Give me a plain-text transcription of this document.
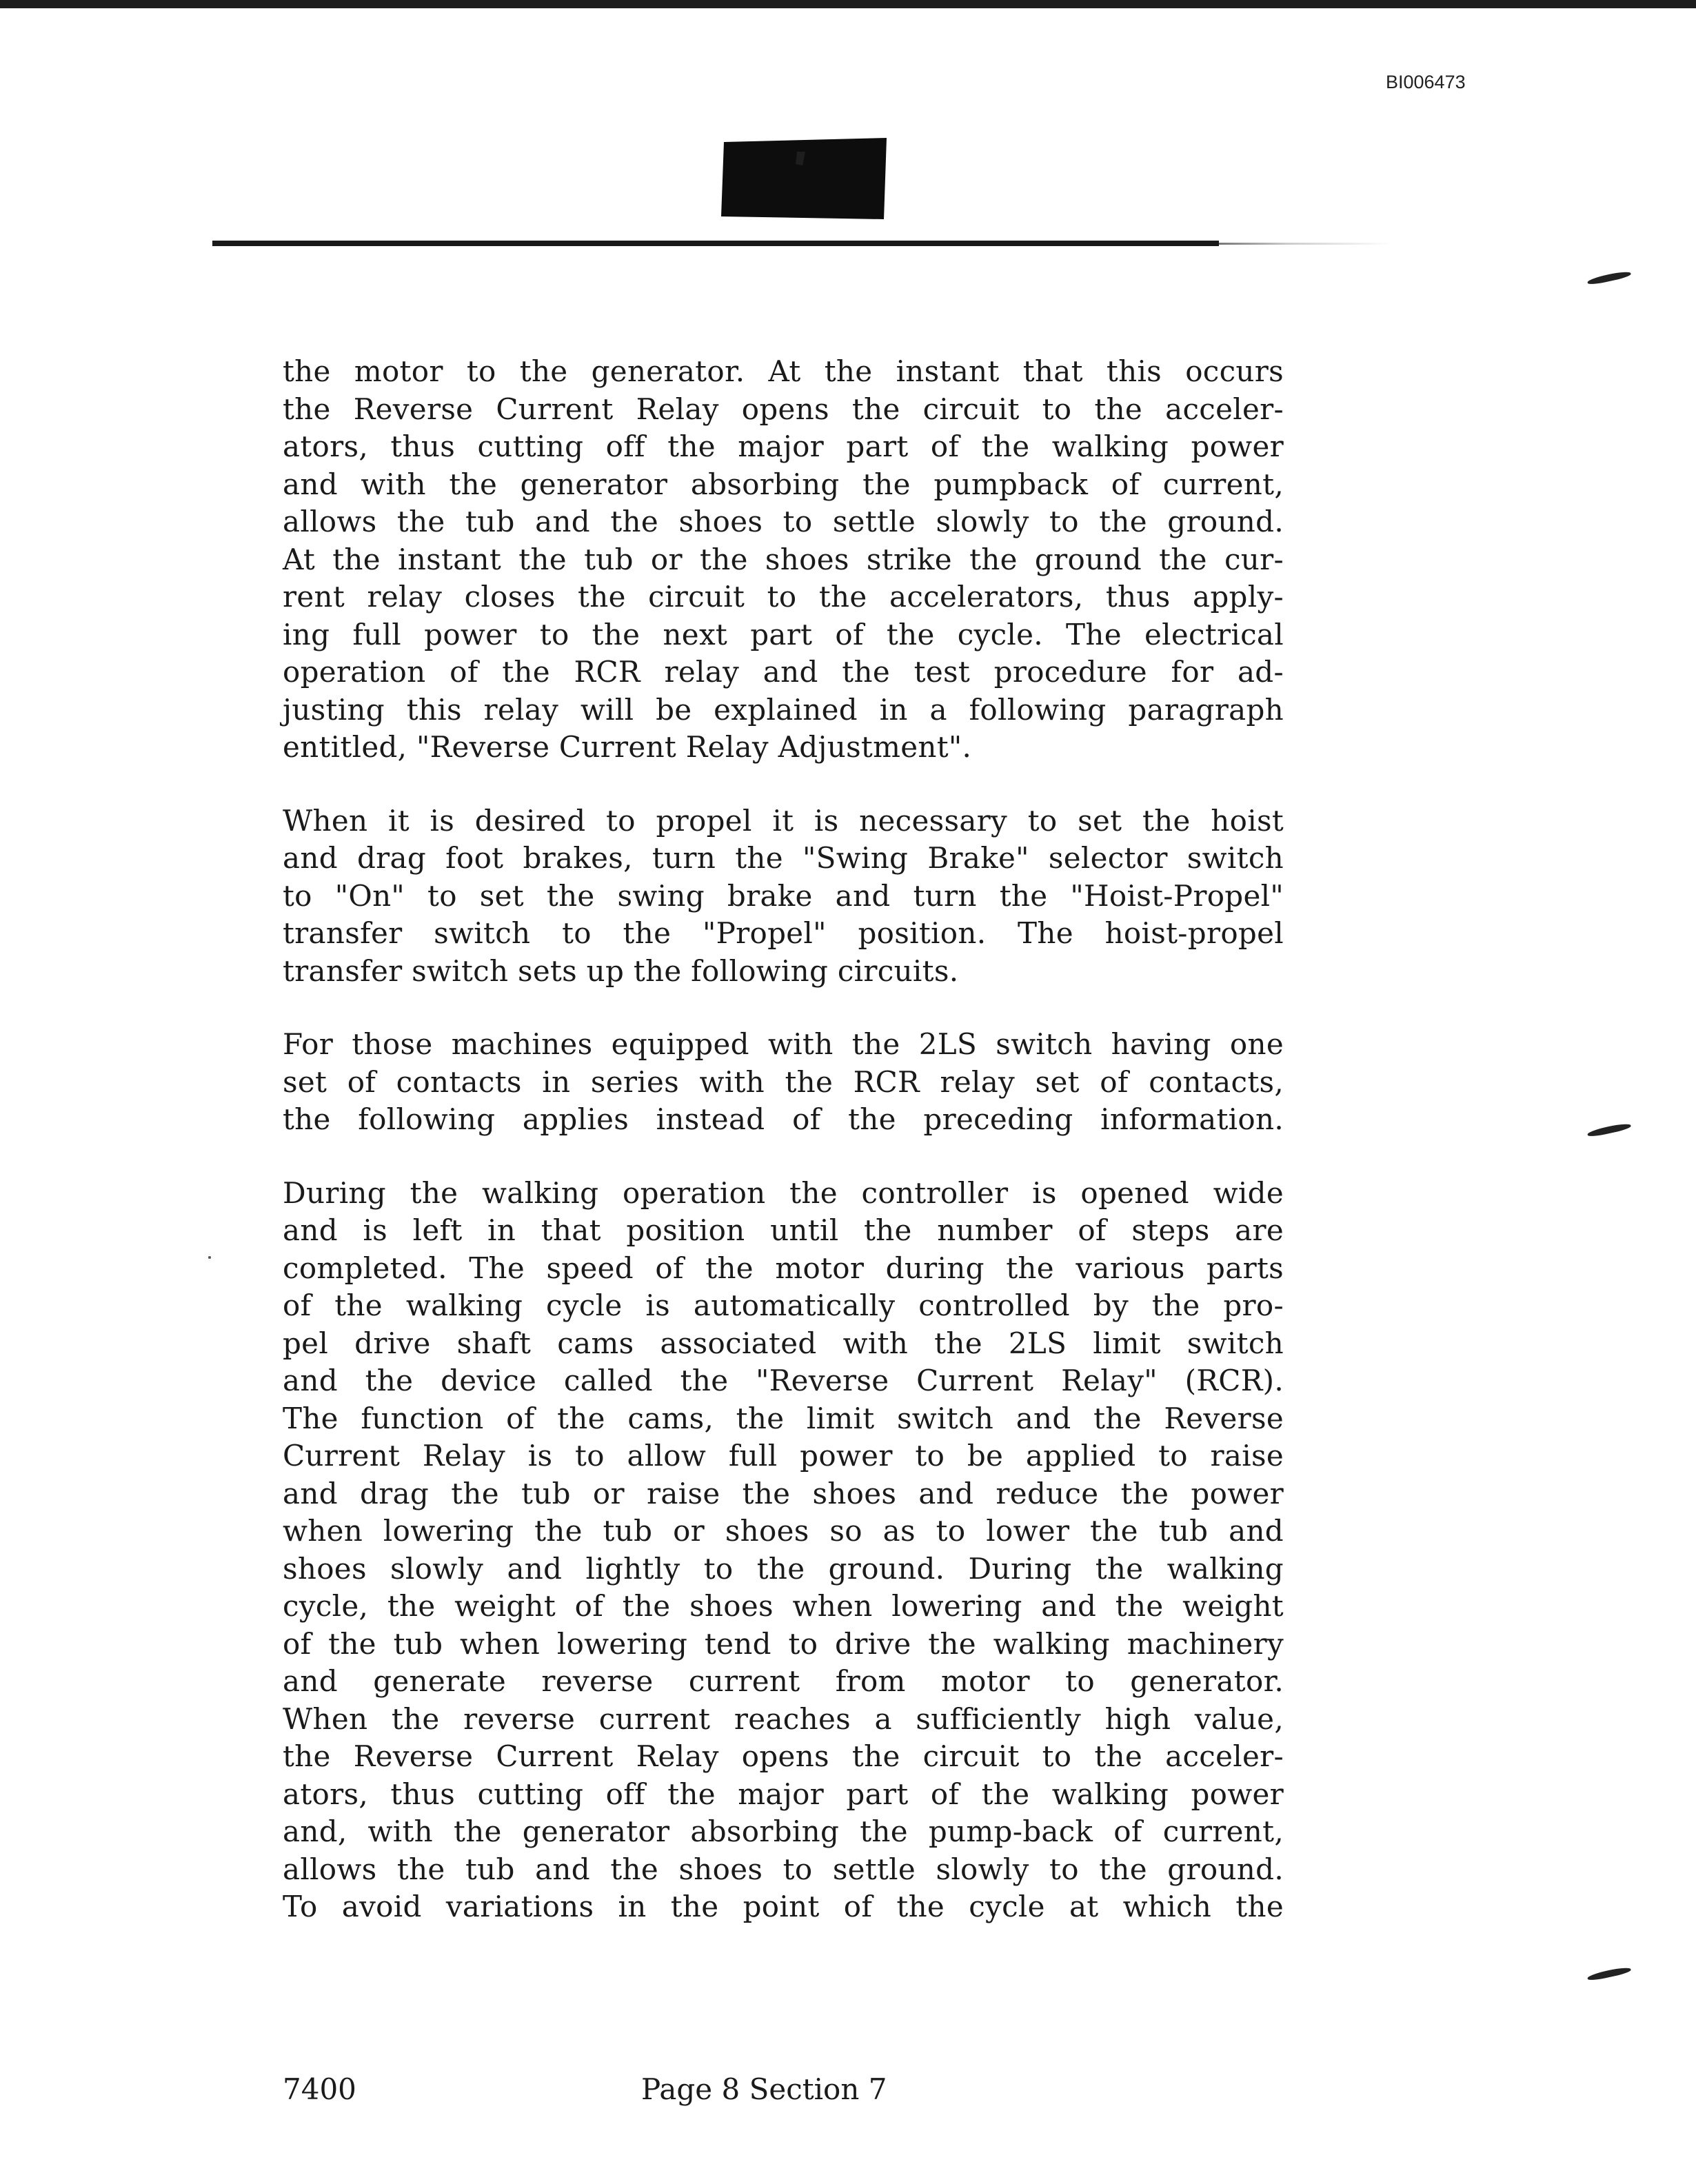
BI006473
the motor to the generator. At the instant that this occurs
the Reverse Current Relay opens the circuit to the acceler-
ators, thus cutting off the major part of the walking power
and with the generator absorbing the pumpback of current,
allows the tub and the shoes to settle slowly to the ground.
At the instant the tub or the shoes strike the ground the cur-
rent relay closes the circuit to the accelerators, thus apply-
ing full power to the next part of the cycle. The electrical
operation of the RCR relay and the test procedure for ad-
justing this relay will be explained in a following paragraph
entitled, "Reverse Current Relay Adjustment".
When it is desired to propel it is necessary to set the hoist
and drag foot brakes, turn the "Swing Brake" selector switch
to "On" to set the swing brake and turn the "Hoist-Propel"
transfer switch to the "Propel" position. The hoist-propel
transfer switch sets up the following circuits.
For those machines equipped with the 2LS switch having one
set of contacts in series with the RCR relay set of contacts,
the following applies instead of the preceding information.
During the walking operation the controller is opened wide
and is left in that position until the number of steps are
completed. The speed of the motor during the various parts
of the walking cycle is automatically controlled by the pro-
pel drive shaft cams associated with the 2LS limit switch
and the device called the "Reverse Current Relay" (RCR).
The function of the cams, the limit switch and the Reverse
Current Relay is to allow full power to be applied to raise
and drag the tub or raise the shoes and reduce the power
when lowering the tub or shoes so as to lower the tub and
shoes slowly and lightly to the ground. During the walking
cycle, the weight of the shoes when lowering and the weight
of the tub when lowering tend to drive the walking machinery
and generate reverse current from motor to generator.
When the reverse current reaches a sufficiently high value,
the Reverse Current Relay opens the circuit to the acceler-
ators, thus cutting off the major part of the walking power
and, with the generator absorbing the pump-back of current,
allows the tub and the shoes to settle slowly to the ground.
To avoid variations in the point of the cycle at which the
7400	Page 8 Section 7
